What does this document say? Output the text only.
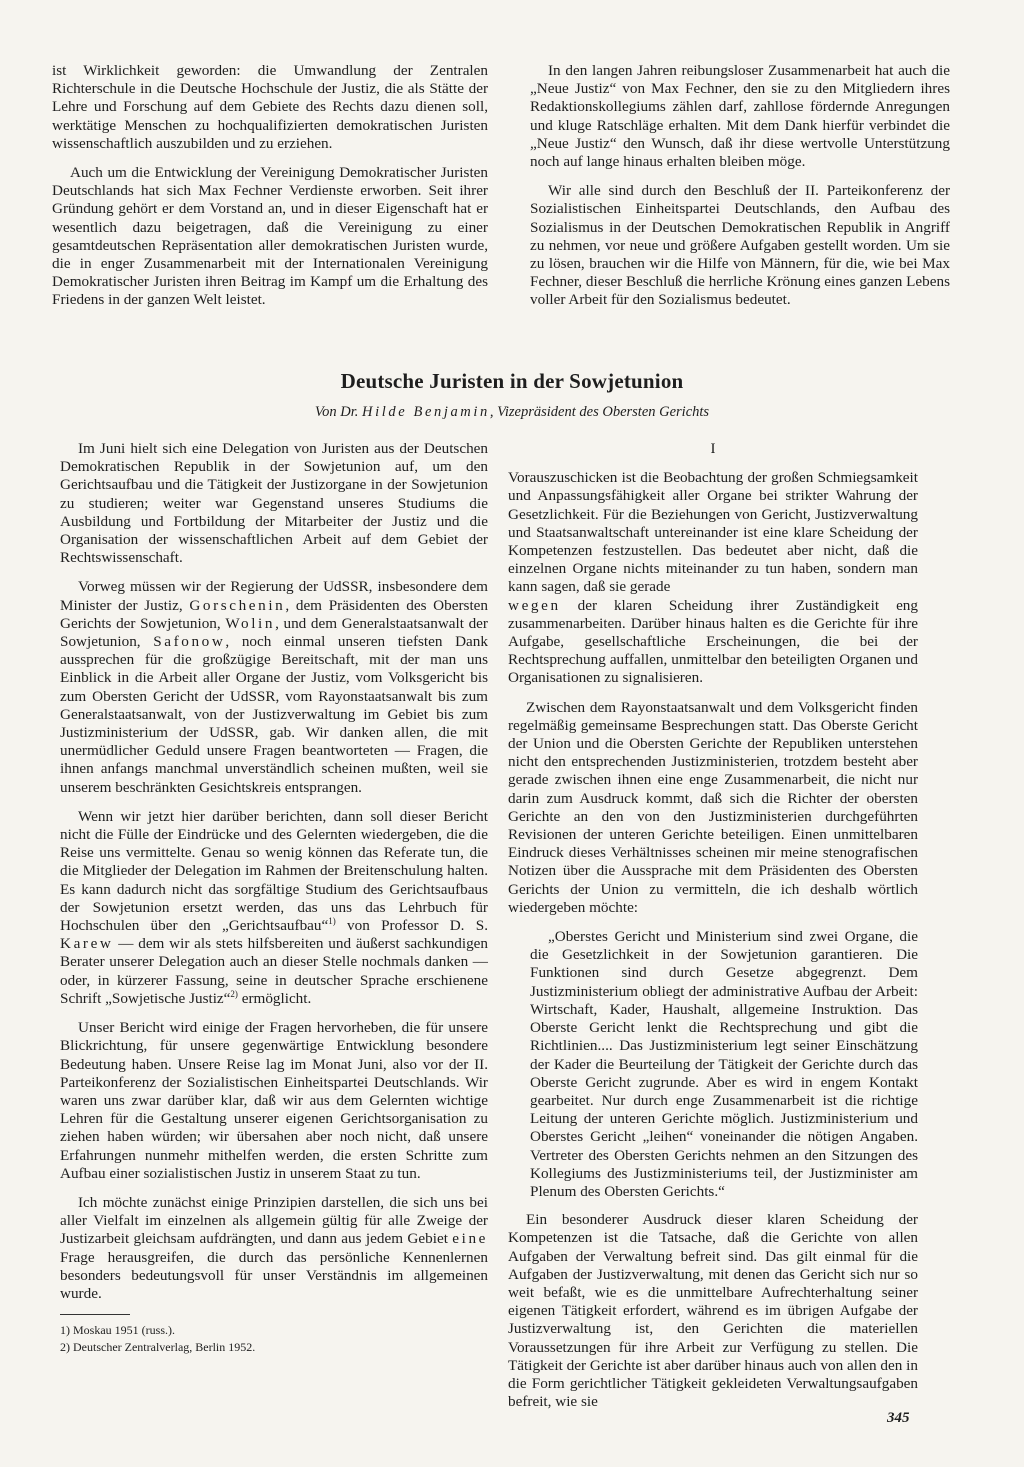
ist Wirklichkeit geworden: die Umwandlung der Zentralen Richterschule in die Deutsche Hochschule der Justiz, die als Stätte der Lehre und Forschung auf dem Gebiete des Rechts dazu dienen soll, werktätige Menschen zu hochqualifizierten demokratischen Juristen wissenschaftlich auszubilden und zu erziehen.

Auch um die Entwicklung der Vereinigung Demokratischer Juristen Deutschlands hat sich Max Fechner Verdienste erworben. Seit ihrer Gründung gehört er dem Vorstand an, und in dieser Eigenschaft hat er wesentlich dazu beigetragen, daß die Vereinigung zu einer gesamtdeutschen Repräsentation aller demokratischen Juristen wurde, die in enger Zusammenarbeit mit der Internationalen Vereinigung Demokratischer Juristen ihren Beitrag im Kampf um die Erhaltung des Friedens in der ganzen Welt leistet.

In den langen Jahren reibungsloser Zusammenarbeit hat auch die „Neue Justiz“ von Max Fechner, den sie zu den Mitgliedern ihres Redaktionskollegiums zählen darf, zahllose fördernde Anregungen und kluge Ratschläge erhalten. Mit dem Dank hierfür verbindet die „Neue Justiz“ den Wunsch, daß ihr diese wertvolle Unterstützung noch auf lange hinaus erhalten bleiben möge.

Wir alle sind durch den Beschluß der II. Parteikonferenz der Sozialistischen Einheitspartei Deutschlands, den Aufbau des Sozialismus in der Deutschen Demokratischen Republik in Angriff zu nehmen, vor neue und größere Aufgaben gestellt worden. Um sie zu lösen, brauchen wir die Hilfe von Männern, für die, wie bei Max Fechner, dieser Beschluß die herrliche Krönung eines ganzen Lebens voller Arbeit für den Sozialismus bedeutet.

Deutsche Juristen in der Sowjetunion
Von Dr. Hilde Benjamin, Vizepräsident des Obersten Gerichts

Im Juni hielt sich eine Delegation von Juristen aus der Deutschen Demokratischen Republik in der Sowjetunion auf, um den Gerichtsaufbau und die Tätigkeit der Justizorgane in der Sowjetunion zu studieren; weiter war Gegenstand unseres Studiums die Ausbildung und Fortbildung der Mitarbeiter der Justiz und die Organisation der wissenschaftlichen Arbeit auf dem Gebiet der Rechtswissenschaft.

Vorweg müssen wir der Regierung der UdSSR, insbesondere dem Minister der Justiz, Gorschenin, dem Präsidenten des Obersten Gerichts der Sowjetunion, Wolin, und dem Generalstaatsanwalt der Sowjetunion, Safonow, noch einmal unseren tiefsten Dank aussprechen für die großzügige Bereitschaft, mit der man uns Einblick in die Arbeit aller Organe der Justiz, vom Volksgericht bis zum Obersten Gericht der UdSSR, vom Rayonstaatsanwalt bis zum Generalstaatsanwalt, von der Justizverwaltung im Gebiet bis zum Justizministerium der UdSSR, gab. Wir danken allen, die mit unermüdlicher Geduld unsere Fragen beantworteten — Fragen, die ihnen anfangs manchmal unverständlich scheinen mußten, weil sie unserem beschränkten Gesichtskreis entsprangen.

Wenn wir jetzt hier darüber berichten, dann soll dieser Bericht nicht die Fülle der Eindrücke und des Gelernten wiedergeben, die die Reise uns vermittelte. Genau so wenig können das Referate tun, die die Mitglieder der Delegation im Rahmen der Breitenschulung halten. Es kann dadurch nicht das sorgfältige Studium des Gerichtsaufbaus der Sowjetunion ersetzt werden, das uns das Lehrbuch für Hochschulen über den „Gerichtsaufbau“$^{1)}$ von Professor D. S. Karew — dem wir als stets hilfsbereiten und äußerst sachkundigen Berater unserer Delegation auch an dieser Stelle nochmals danken — oder, in kürzerer Fassung, seine in deutscher Sprache erschienene Schrift „Sowjetische Justiz“$^{2)}$ ermöglicht.

Unser Bericht wird einige der Fragen hervorheben, die für unsere Blickrichtung, für unsere gegenwärtige Entwicklung besondere Bedeutung haben. Unsere Reise lag im Monat Juni, also vor der II. Parteikonferenz der Sozialistischen Einheitspartei Deutschlands. Wir waren uns zwar darüber klar, daß wir aus dem Gelernten wichtige Lehren für die Gestaltung unserer eigenen Gerichtsorganisation zu ziehen haben würden; wir übersahen aber noch nicht, daß unsere Erfahrungen nunmehr mithelfen werden, die ersten Schritte zum Aufbau einer sozialistischen Justiz in unserem Staat zu tun.

Ich möchte zunächst einige Prinzipien darstellen, die sich uns bei aller Vielfalt im einzelnen als allgemein gültig für alle Zweige der Justizarbeit gleichsam aufdrängten, und dann aus jedem Gebiet eine Frage herausgreifen, die durch das persönliche Kennenlernen besonders bedeutungsvoll für unser Verständnis im allgemeinen wurde.

1) Moskau 1951 (russ.).
2) Deutscher Zentralverlag, Berlin 1952.

I

Vorauszuschicken ist die Beobachtung der großen Schmiegsamkeit und Anpassungsfähigkeit aller Organe bei strikter Wahrung der Gesetzlichkeit. Für die Beziehungen von Gericht, Justizverwaltung und Staatsanwaltschaft untereinander ist eine klare Scheidung der Kompetenzen festzustellen. Das bedeutet aber nicht, daß die einzelnen Organe nichts miteinander zu tun haben, sondern man kann sagen, daß sie gerade
wegen der klaren Scheidung ihrer Zuständigkeit eng zusammenarbeiten. Darüber hinaus halten es die Gerichte für ihre Aufgabe, gesellschaftliche Erscheinungen, die bei der Rechtsprechung auffallen, unmittelbar den beteiligten Organen und Organisationen zu signalisieren.

Zwischen dem Rayonstaatsanwalt und dem Volksgericht finden regelmäßig gemeinsame Besprechungen statt. Das Oberste Gericht der Union und die Obersten Gerichte der Republiken unterstehen nicht den entsprechenden Justizministerien, trotzdem besteht aber gerade zwischen ihnen eine enge Zusammenarbeit, die nicht nur darin zum Ausdruck kommt, daß sich die Richter der obersten Gerichte an den von den Justizministerien durchgeführten Revisionen der unteren Gerichte beteiligen. Einen unmittelbaren Eindruck dieses Verhältnisses scheinen mir meine stenografischen Notizen über die Aussprache mit dem Präsidenten des Obersten Gerichts der Union zu vermitteln, die ich deshalb wörtlich wiedergeben möchte:

„Oberstes Gericht und Ministerium sind zwei Organe, die die Gesetzlichkeit in der Sowjetunion garantieren. Die Funktionen sind durch Gesetze abgegrenzt. Dem Justizministerium obliegt der administrative Aufbau der Arbeit: Wirtschaft, Kader, Haushalt, allgemeine Instruktion. Das Oberste Gericht lenkt die Rechtsprechung und gibt die Richtlinien.... Das Justizministerium legt seiner Einschätzung der Kader die Beurteilung der Tätigkeit der Gerichte durch das Oberste Gericht zugrunde. Aber es wird in engem Kontakt gearbeitet. Nur durch enge Zusammenarbeit ist die richtige Leitung der unteren Gerichte möglich. Justizministerium und Oberstes Gericht „leihen“ voneinander die nötigen Angaben. Vertreter des Obersten Gerichts nehmen an den Sitzungen des Kollegiums des Justizministeriums teil, der Justizminister am Plenum des Obersten Gerichts.“

Ein besonderer Ausdruck dieser klaren Scheidung der Kompetenzen ist die Tatsache, daß die Gerichte von allen Aufgaben der Verwaltung befreit sind. Das gilt einmal für die Aufgaben der Justizverwaltung, mit denen das Gericht sich nur so weit befaßt, wie es die unmittelbare Aufrechterhaltung seiner eigenen Tätigkeit erfordert, während es im übrigen Aufgabe der Justizverwaltung ist, den Gerichten die materiellen Voraussetzungen für ihre Arbeit zur Verfügung zu stellen. Die Tätigkeit der Gerichte ist aber darüber hinaus auch von allen den in die Form gerichtlicher Tätigkeit gekleideten Verwaltungsaufgaben befreit, wie sie

345
